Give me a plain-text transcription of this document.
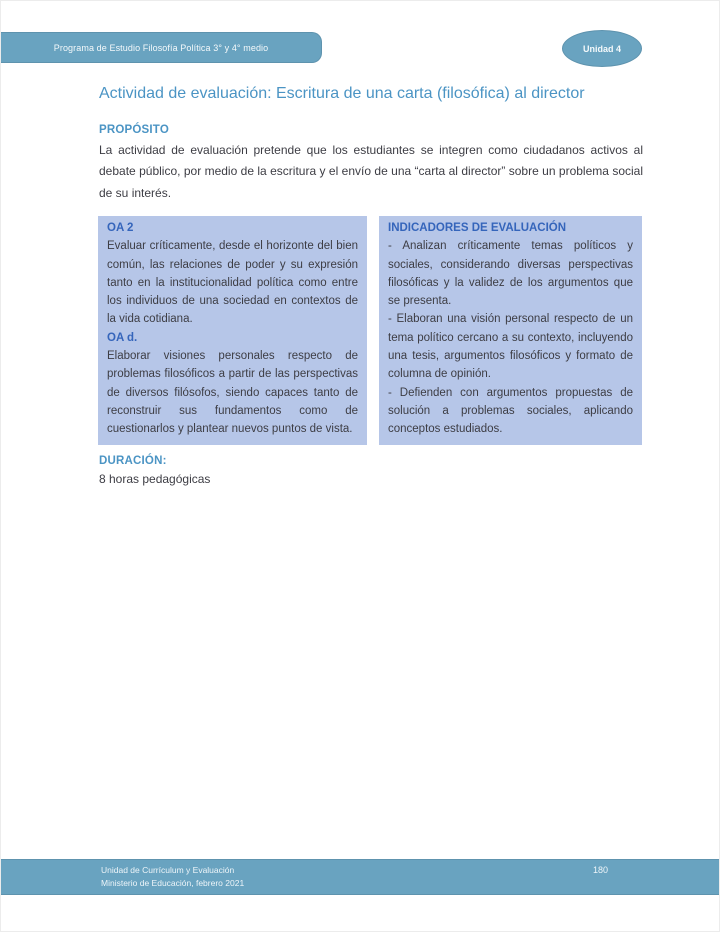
Programa de Estudio Filosofía Política 3° y 4° medio	Unidad 4
Actividad de evaluación: Escritura de una carta (filosófica) al director
PROPÓSITO
La actividad de evaluación pretende que los estudiantes se integren como ciudadanos activos al debate público, por medio de la escritura y el envío de una “carta al director” sobre un problema social de su interés.
OA 2

Evaluar críticamente, desde el horizonte del bien común, las relaciones de poder y su expresión tanto en la institucionalidad política como entre los individuos de una sociedad en contextos de la vida cotidiana.

OA d.

Elaborar visiones personales respecto de problemas filosóficos a partir de las perspectivas de diversos filósofos, siendo capaces tanto de reconstruir sus fundamentos como de cuestionarlos y plantear nuevos puntos de vista.

INDICADORES DE EVALUACIÓN

- Analizan críticamente temas políticos y sociales, considerando diversas perspectivas filosóficas y la validez de los argumentos que se presenta.

- Elaboran una visión personal respecto de un tema político cercano a su contexto, incluyendo una tesis, argumentos filosóficos y formato de columna de opinión.

- Defienden con argumentos propuestas de solución a problemas sociales, aplicando conceptos estudiados.

DURACIÓN:
8 horas pedagógicas
Unidad de Currículum y Evaluación
Ministerio de Educación, febrero 2021
180
